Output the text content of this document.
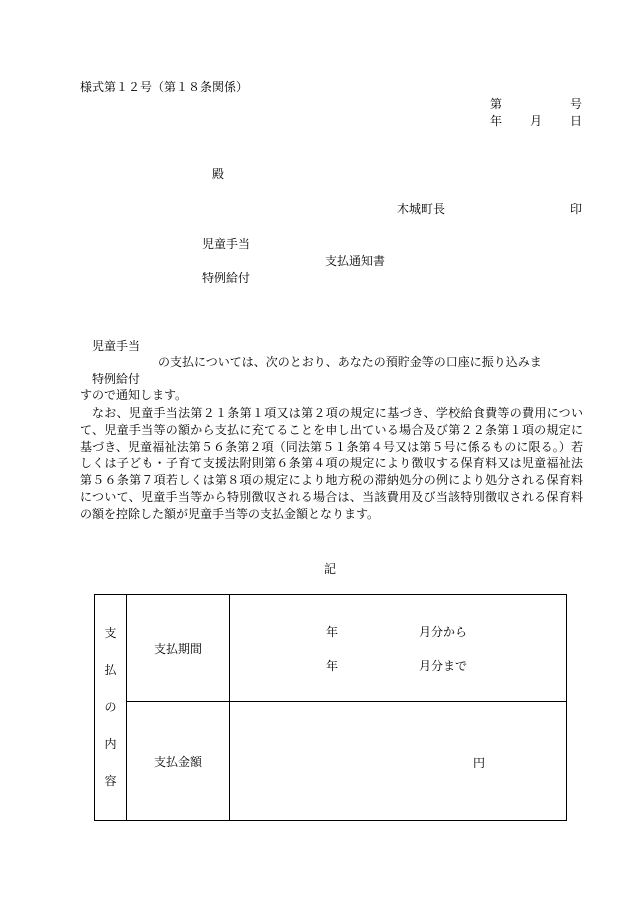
様式第１２号（第１８条関係）
第	号
年 月 日
殿
木城町長	印
児童手当
支払通知書
特例給付
児童手当
の支払については、次のとおり、あなたの預貯金等の口座に振り込みま
特例給付
すので通知します。
なお、児童手当法第２１条第１項又は第２項の規定に基づき、学校給食費等の費用について、児童手当等の額から支払に充てることを申し出ている場合及び第２２条第１項の規定に基づき、児童福祉法第５６条第２項（同法第５１条第４号又は第５号に係るものに限る。）若しくは子ども・子育て支援法附則第６条第４項の規定により徴収する保育料又は児童福祉法第５６条第７項若しくは第８項の規定により地方税の滞納処分の例により処分される保育料について、児童手当等から特別徴収される場合は、当該費用及び当該特別徴収される保育料の額を控除した額が児童手当等の支払金額となります。
記
支
払
の
内
容	支払期間	年 月分から
年 月分まで

	支払金額	円
